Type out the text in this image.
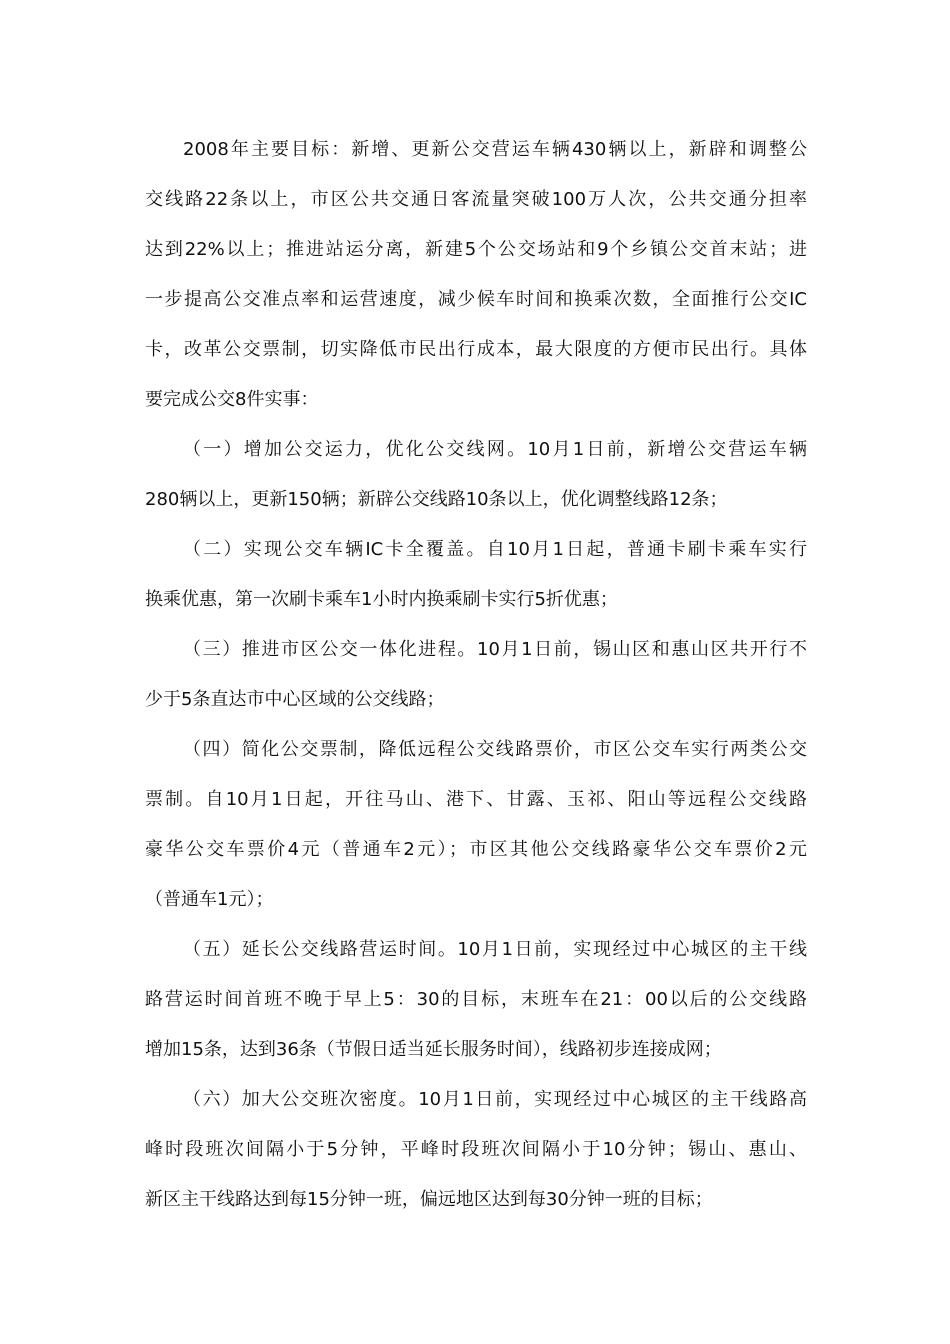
2008年主要目标：新增、更新公交营运车辆430辆以上，新辟和调整公
交线路22条以上，市区公共交通日客流量突破100万人次，公共交通分担率
达到22%以上；推进站运分离，新建5个公交场站和9个乡镇公交首末站；进
一步提高公交准点率和运营速度，减少候车时间和换乘次数，全面推行公交IC
卡，改革公交票制，切实降低市民出行成本，最大限度的方便市民出行。具体
要完成公交8件实事：
（一）增加公交运力，优化公交线网。10月1日前，新增公交营运车辆
280辆以上，更新150辆；新辟公交线路10条以上，优化调整线路12条；
（二）实现公交车辆IC卡全覆盖。自10月1日起，普通卡刷卡乘车实行
换乘优惠，第一次刷卡乘车1小时内换乘刷卡实行5折优惠；
（三）推进市区公交一体化进程。10月1日前，锡山区和惠山区共开行不
少于5条直达市中心区域的公交线路；
（四）简化公交票制，降低远程公交线路票价，市区公交车实行两类公交
票制。自10月1日起，开往马山、港下、甘露、玉祁、阳山等远程公交线路
豪华公交车票价4元（普通车2元）；市区其他公交线路豪华公交车票价2元
（普通车1元）；
（五）延长公交线路营运时间。10月1日前，实现经过中心城区的主干线
路营运时间首班不晚于早上5：30的目标，末班车在21：00以后的公交线路
增加15条，达到36条（节假日适当延长服务时间），线路初步连接成网；
（六）加大公交班次密度。10月1日前，实现经过中心城区的主干线路高
峰时段班次间隔小于5分钟，平峰时段班次间隔小于10分钟；锡山、惠山、
新区主干线路达到每15分钟一班，偏远地区达到每30分钟一班的目标；
